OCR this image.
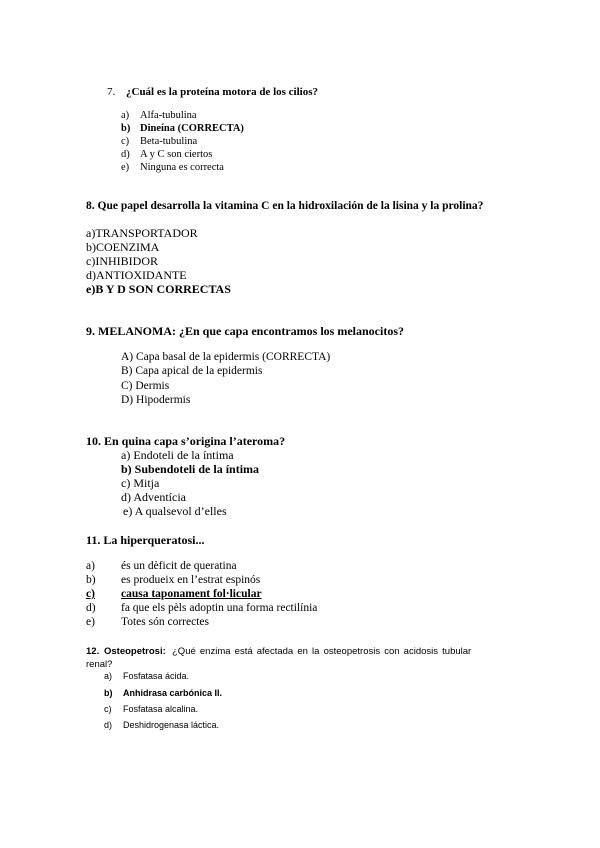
7. ¿Cuál es la proteína motora de los cilios?
a) Alfa-tubulina
b) Dineína (CORRECTA)
c) Beta-tubulina
d) A y C son ciertos
e) Ninguna es correcta
8. Que papel desarrolla la vitamina C en la hidroxilación de la lisina y la prolina?
a)TRANSPORTADOR
b)COENZIMA
c)INHIBIDOR
d)ANTIOXIDANTE
e)B Y D SON CORRECTAS
9. MELANOMA: ¿En que capa encontramos los melanocitos?
A) Capa basal de la epidermis (CORRECTA)
B) Capa apical de la epidermis
C) Dermis
D) Hipodermis
10. En quina capa s’origina l’ateroma?
a) Endoteli de la íntima
b) Subendoteli de la íntima
c) Mitja
d) Adventícia
e) A qualsevol d’elles
11. La hiperqueratosi...
a) és un dèficit de queratina
b) es produeix en l’estrat espinós
c) causa taponament fol·licular
d) fa que els pèls adoptin una forma rectilínia
e) Totes són correctes
12. Osteopetrosi: ¿Qué enzima está afectada en la osteopetrosis con acidosis tubular
renal?
a) Fosfatasa ácida.
b) Anhidrasa carbónica II.
c) Fosfatasa alcalina.
d) Deshidrogenasa láctica.
